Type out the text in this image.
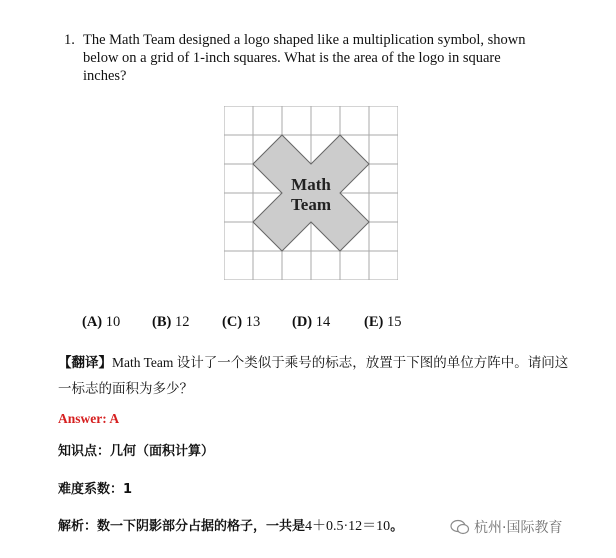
1. The Math Team designed a logo shaped like a multiplication symbol, shown below on a grid of 1-inch squares. What is the area of the logo in square inches?
Math
Team
(A) 10 (B) 12 (C) 13 (D) 14 (E) 15
【翻译】Math Team 设计了一个类似于乘号的标志，放置于下图的单位方阵中。请问这一标志的面积为多少？
Answer: A
知识点：几何（面积计算）
难度系数：1
解析：数一下阴影部分占据的格子，一共是4＋0.5·12＝10。	杭州·国际教育
